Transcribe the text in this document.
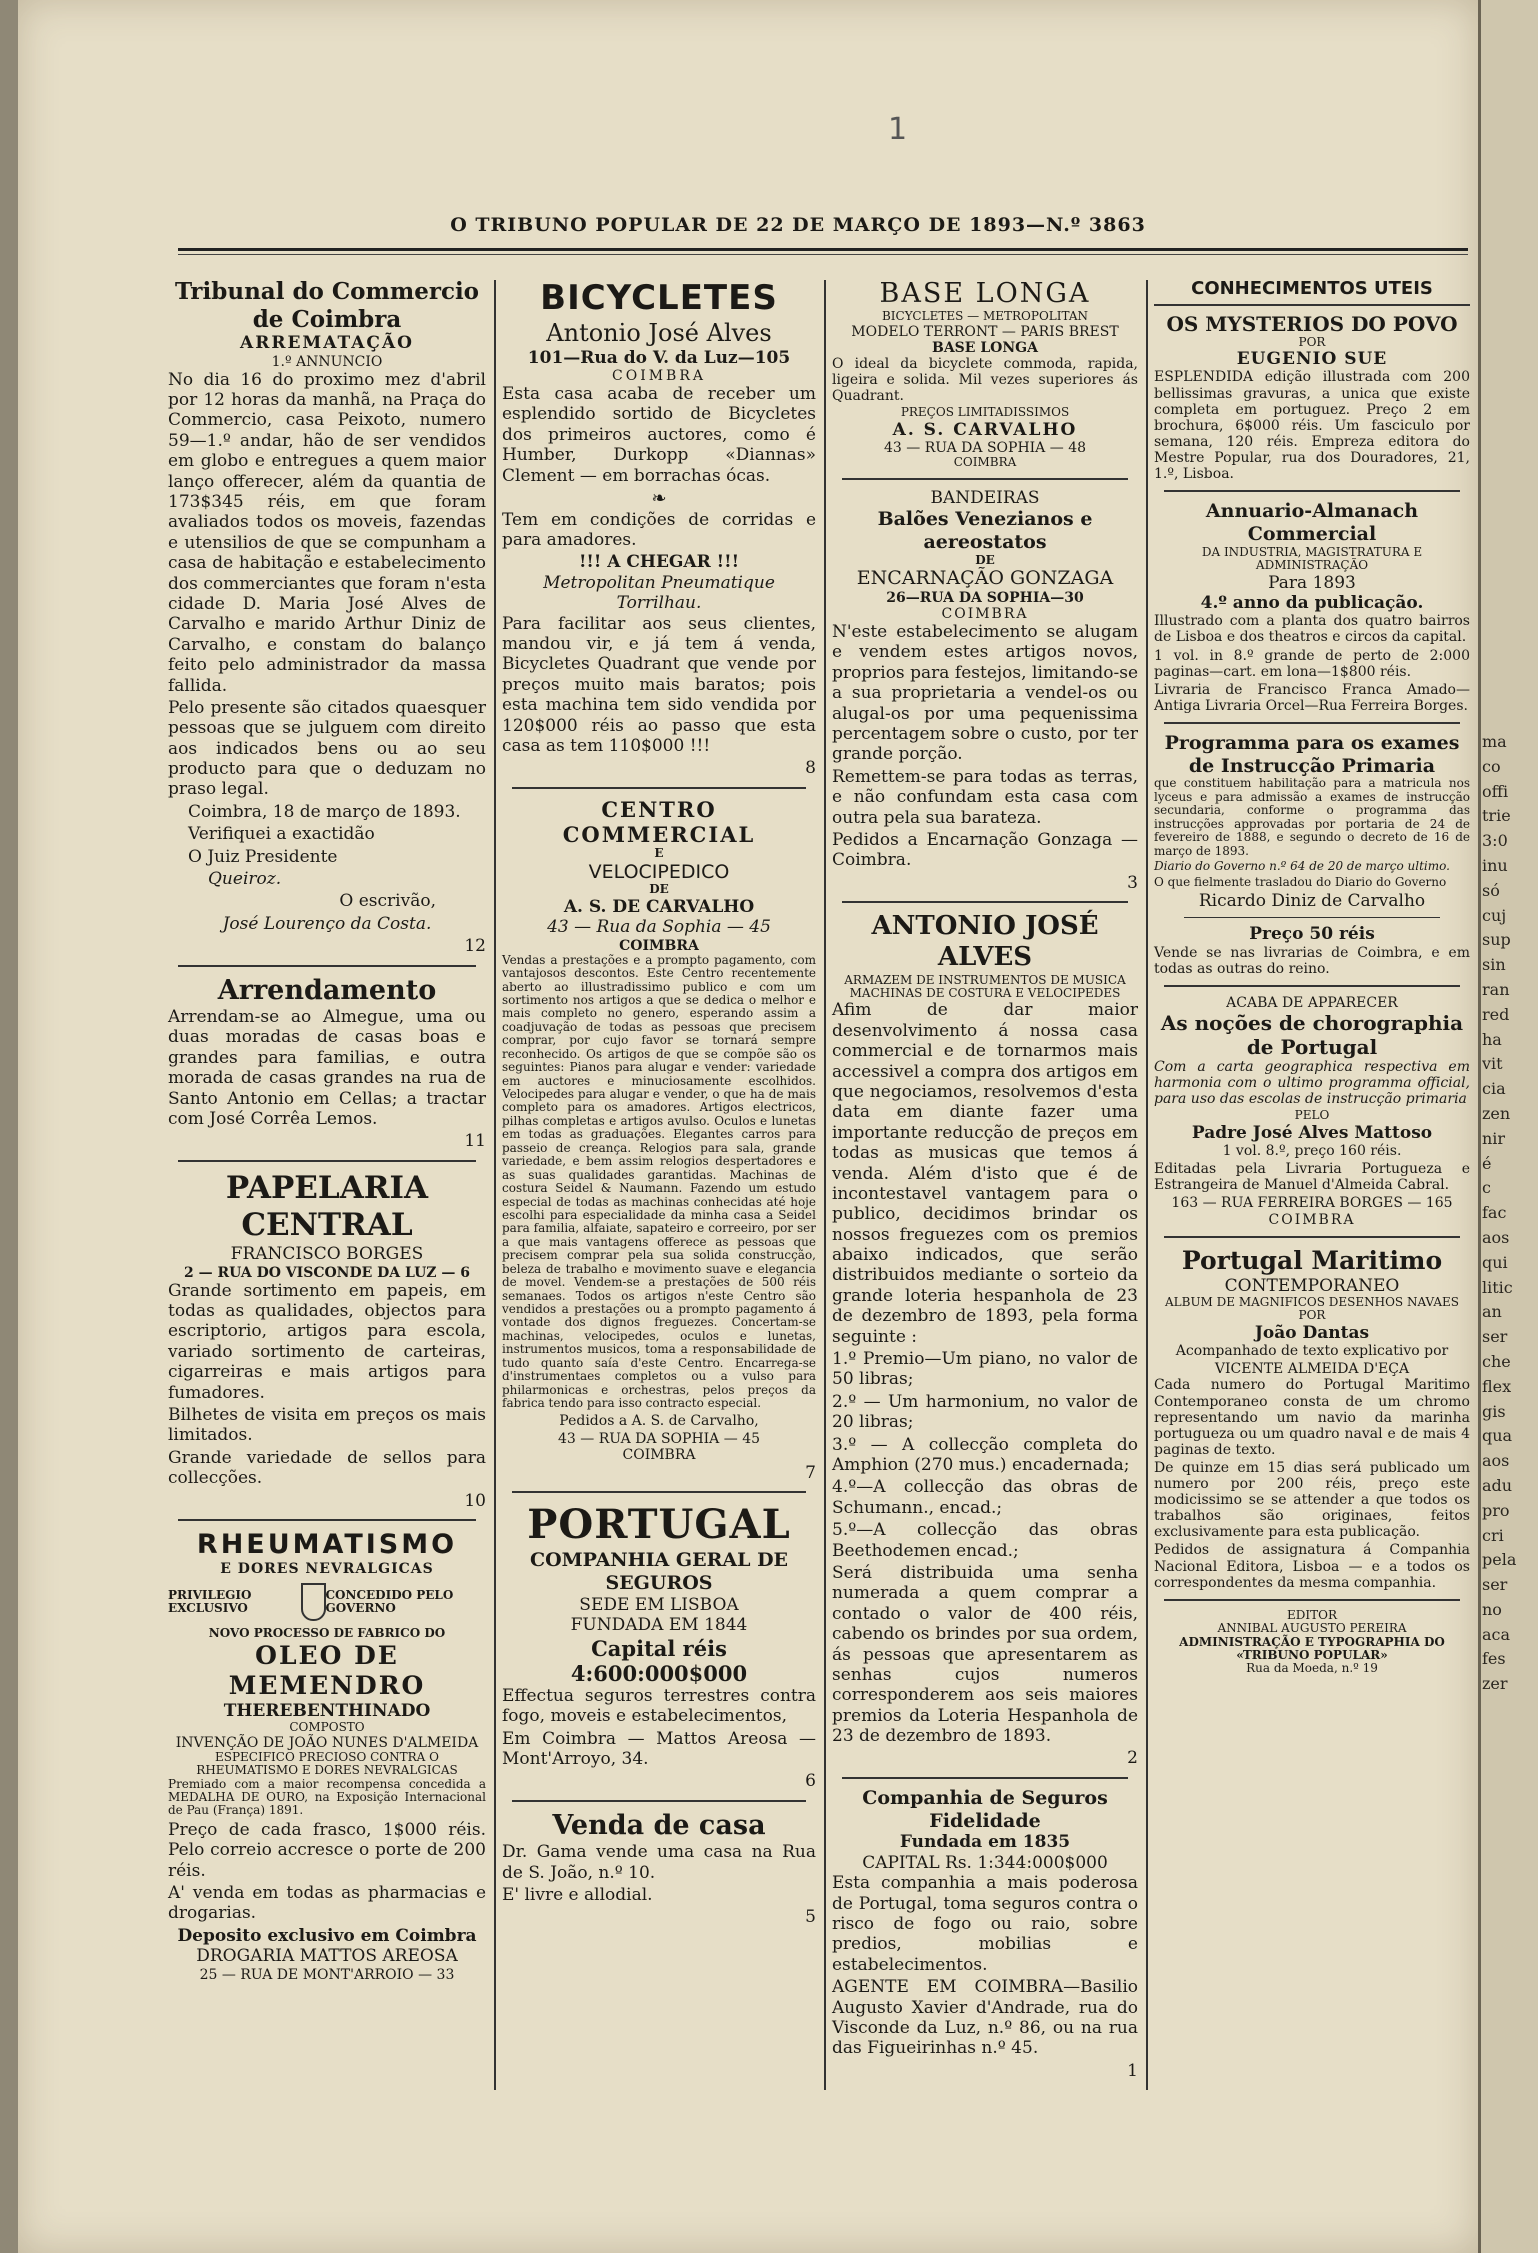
1
O TRIBUNO POPULAR DE 22 DE MARÇO DE 1893—N.º 3863
Tribunal do Commercio
de Coimbra
ARREMATAÇÃO
1.º ANNUNCIO

No dia 16 do proximo mez d'abril por 12 horas da manhã, na Praça do Commercio, casa Peixoto, numero 59—1.º andar, hão de ser vendidos em globo e entregues a quem maior lanço offerecer, além da quantia de 173$345 réis, em que foram avaliados todos os moveis, fazendas e utensilios de que se compunham a casa de habitação e estabelecimento dos commerciantes que foram n'esta cidade D. Maria José Alves de Carvalho e marido Arthur Diniz de Carvalho, e constam do balanço feito pelo administrador da massa fallida.

Pelo presente são citados quaesquer pessoas que se julguem com direito aos indicados bens ou ao seu producto para que o deduzam no praso legal.

Coimbra, 18 de março de 1893.

Verifiquei a exactidão

O Juiz Presidente

Queiroz.

O escrivão,

José Lourenço da Costa.

12

Arrendamento

Arrendam-se ao Almegue, uma ou duas moradas de casas boas e grandes para familias, e outra morada de casas grandes na rua de Santo Antonio em Cellas; a tractar com José Corrêa Lemos.

11

PAPELARIA CENTRAL
FRANCISCO BORGES
2 — RUA DO VISCONDE DA LUZ — 6

Grande sortimento em papeis, em todas as qualidades, objectos para escriptorio, artigos para escola, variado sortimento de carteiras, cigarreiras e mais artigos para fumadores.

Bilhetes de visita em preços os mais limitados.

Grande variedade de sellos para collecções.

10

RHEUMATISMO
E DORES NEVRALGICAS
PRIVILEGIO EXCLUSIVO
CONCEDIDO PELO GOVERNO
NOVO PROCESSO DE FABRICO DO
OLEO DE MEMENDRO
THEREBENTHINADO
COMPOSTO
INVENÇÃO DE JOÃO NUNES D'ALMEIDA
ESPECIFICO PRECIOSO CONTRA O RHEUMATISMO E DORES NEVRALGICAS

Premiado com a maior recompensa concedida a MEDALHA DE OURO, na Exposição Internacional de Pau (França) 1891.

Preço de cada frasco, 1$000 réis. Pelo correio accresce o porte de 200 réis.

A' venda em todas as pharmacias e drogarias.

Deposito exclusivo em Coimbra
DROGARIA MATTOS AREOSA
25 — RUA DE MONT'ARROIO — 33
BICYCLETES
Antonio José Alves
101—Rua do V. da Luz—105
COIMBRA

Esta casa acaba de receber um esplendido sortido de Bicycletes dos primeiros auctores, como é Humber, Durkopp «Diannas» Clement — em borrachas ócas.

❧

Tem em condições de corridas e para amadores.

!!! A CHEGAR !!!
Metropolitan Pneumatique Torrilhau.

Para facilitar aos seus clientes, mandou vir, e já tem á venda, Bicycletes Quadrant que vende por preços muito mais baratos; pois esta machina tem sido vendida por 120$000 réis ao passo que esta casa as tem 110$000 !!!

8

CENTRO COMMERCIAL
E
VELOCIPEDICO
DE
A. S. DE CARVALHO
43 — Rua da Sophia — 45
COIMBRA

Vendas a prestações e a prompto pagamento, com vantajosos descontos. Este Centro recentemente aberto ao illustradissimo publico e com um sortimento nos artigos a que se dedica o melhor e mais completo no genero, esperando assim a coadjuvação de todas as pessoas que precisem comprar, por cujo favor se tornará sempre reconhecido. Os artigos de que se compõe são os seguintes: Pianos para alugar e vender: variedade em auctores e minuciosamente escolhidos. Velocipedes para alugar e vender, o que ha de mais completo para os amadores. Artigos electricos, pilhas completas e artigos avulso. Oculos e lunetas em todas as graduações. Elegantes carros para passeio de creança. Relogios para sala, grande variedade, e bem assim relogios despertadores e as suas qualidades garantidas. Machinas de costura Seidel & Naumann. Fazendo um estudo especial de todas as machinas conhecidas até hoje escolhi para especialidade da minha casa a Seidel para familia, alfaiate, sapateiro e correeiro, por ser a que mais vantagens offerece as pessoas que precisem comprar pela sua solida construcção, beleza de trabalho e movimento suave e elegancia de movel. Vendem-se a prestações de 500 réis semanaes. Todos os artigos n'este Centro são vendidos a prestações ou a prompto pagamento á vontade dos dignos freguezes. Concertam-se machinas, velocipedes, oculos e lunetas, instrumentos musicos, toma a responsabilidade de tudo quanto saía d'este Centro. Encarrega-se d'instrumentaes completos ou a vulso para philarmonicas e orchestras, pelos preços da fabrica tendo para isso contracto especial.

Pedidos a A. S. de Carvalho,

43 — RUA DA SOPHIA — 45
COIMBRA

7

PORTUGAL
COMPANHIA GERAL DE SEGUROS
SEDE EM LISBOA
FUNDADA EM 1844
Capital réis 4:600:000$000

Effectua seguros terrestres contra fogo, moveis e estabelecimentos,

Em Coimbra — Mattos Areosa — Mont'Arroyo, 34.

6

Venda de casa

Dr. Gama vende uma casa na Rua de S. João, n.º 10.

E' livre e allodial.

5

BASE LONGA
BICYCLETES — METROPOLITAN
MODELO TERRONT — PARIS BREST
BASE LONGA

O ideal da bicyclete commoda, rapida, ligeira e solida. Mil vezes superiores ás Quadrant.

PREÇOS LIMITADISSIMOS
A. S. CARVALHO
43 — RUA DA SOPHIA — 48
COIMBRA
BANDEIRAS
Balões Venezianos e aereostatos
DE
ENCARNAÇÃO GONZAGA
26—RUA DA SOPHIA—30
COIMBRA

N'este estabelecimento se alugam e vendem estes artigos novos, proprios para festejos, limitando-se a sua proprietaria a vendel-os ou alugal-os por uma pequenissima percentagem sobre o custo, por ter grande porção.

Remettem-se para todas as terras, e não confundam esta casa com outra pela sua barateza.

Pedidos a Encarnação Gonzaga — Coimbra.

3

ANTONIO JOSÉ ALVES
ARMAZEM DE INSTRUMENTOS DE MUSICA MACHINAS DE COSTURA E VELOCIPEDES

Afim de dar maior desenvolvimento á nossa casa commercial e de tornarmos mais accessivel a compra dos artigos em que negociamos, resolvemos d'esta data em diante fazer uma importante reducção de preços em todas as musicas que temos á venda. Além d'isto que é de incontestavel vantagem para o publico, decidimos brindar os nossos freguezes com os premios abaixo indicados, que serão distribuidos mediante o sorteio da grande loteria hespanhola de 23 de dezembro de 1893, pela forma seguinte :

1.º Premio—Um piano, no valor de 50 libras;

2.º — Um harmonium, no valor de 20 libras;

3.º — A collecção completa do Amphion (270 mus.) encadernada;

4.º—A collecção das obras de Schumann., encad.;

5.º—A collecção das obras Beethodemen encad.;

Será distribuida uma senha numerada a quem comprar a contado o valor de 400 réis, cabendo os brindes por sua ordem, ás pessoas que apresentarem as senhas cujos numeros corresponderem aos seis maiores premios da Loteria Hespanhola de 23 de dezembro de 1893.

2

Companhia de Seguros Fidelidade
Fundada em 1835
CAPITAL Rs. 1:344:000$000

Esta companhia a mais poderosa de Portugal, toma seguros contra o risco de fogo ou raio, sobre predios, mobilias e estabelecimentos.

AGENTE EM COIMBRA—Basilio Augusto Xavier d'Andrade, rua do Visconde da Luz, n.º 86, ou na rua das Figueirinhas n.º 45.

1

CONHECIMENTOS UTEIS
OS MYSTERIOS DO POVO
POR
EUGENIO SUE

ESPLENDIDA edição illustrada com 200 bellissimas gravuras, a unica que existe completa em portuguez. Preço 2 em brochura, 6$000 réis. Um fasciculo por semana, 120 réis. Empreza editora do Mestre Popular, rua dos Douradores, 21, 1.º, Lisboa.

Annuario-Almanach Commercial
DA INDUSTRIA, MAGISTRATURA E ADMINISTRAÇÃO
Para 1893
4.º anno da publicação.

Illustrado com a planta dos quatro bairros de Lisboa e dos theatros e circos da capital.

1 vol. in 8.º grande de perto de 2:000 paginas—cart. em lona—1$800 réis.

Livraria de Francisco Franca Amado—Antiga Livraria Orcel—Rua Ferreira Borges.

Programma para os exames de Instrucção Primaria

que constituem habilitação para a matricula nos lyceus e para admissão a exames de instrucção secundaria, conforme o programma das instrucções approvadas por portaria de 24 de fevereiro de 1888, e segundo o decreto de 16 de março de 1893.

Diario do Governo n.º 64 de 20 de março ultimo.

O que fielmente trasladou do Diario do Governo

Ricardo Diniz de Carvalho
Preço 50 réis

Vende se nas livrarias de Coimbra, e em todas as outras do reino.

ACABA DE APPARECER
As noções de chorographia de Portugal

Com a carta geographica respectiva em harmonia com o ultimo programma official, para uso das escolas de instrucção primaria

PELO
Padre José Alves Mattoso

1 vol. 8.º, preço 160 réis.

Editadas pela Livraria Portugueza e Estrangeira de Manuel d'Almeida Cabral.

163 — RUA FERREIRA BORGES — 165
COIMBRA
Portugal Maritimo
CONTEMPORANEO
ALBUM DE MAGNIFICOS DESENHOS NAVAES
POR
João Dantas

Acompanhado de texto explicativo por

VICENTE ALMEIDA D'EÇA

Cada numero do Portugal Maritimo Contemporaneo consta de um chromo representando um navio da marinha portugueza ou um quadro naval e de mais 4 paginas de texto.

De quinze em 15 dias será publicado um numero por 200 réis, preço este modicissimo se se attender a que todos os trabalhos são originaes, feitos exclusivamente para esta publicação.

Pedidos de assignatura á Companhia Nacional Editora, Lisboa — e a todos os correspondentes da mesma companhia.

EDITOR
ANNIBAL AUGUSTO PEREIRA
ADMINISTRAÇÃO E TYPOGRAPHIA DO «TRIBUNO POPULAR»
Rua da Moeda, n.º 19
ma
co
offi
trie
3:0
inu
só
cuj
sup
sin
ran
red
ha
vit
cia
zen
nir
é
c
fac
aos
qui
litic
an
ser
che
flex
gis
qua
aos
adu
pro
cri
pela
ser
no
aca
fes
zer
